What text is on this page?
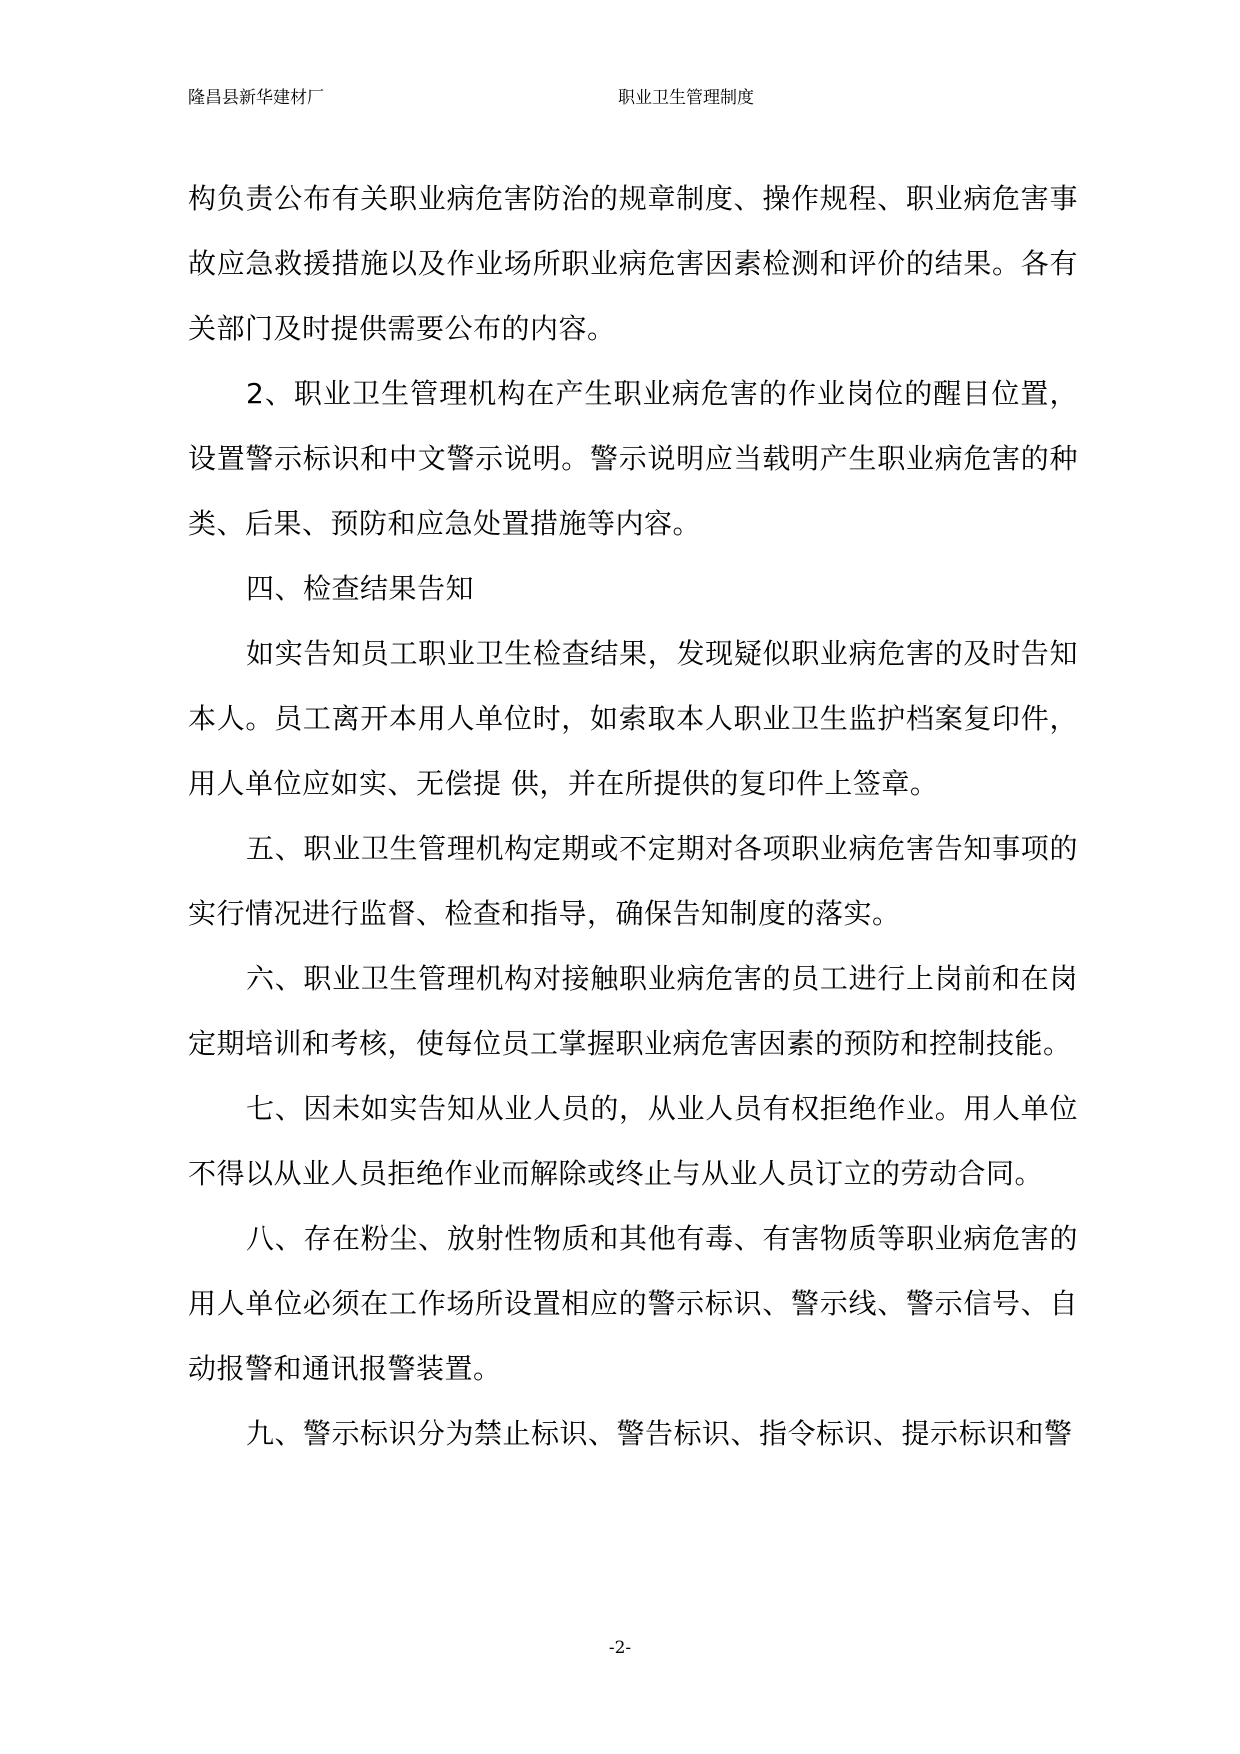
隆昌县新华建材厂	职业卫生管理制度

构负责公布有关职业病危害防治的规章制度、操作规程、职业病危害事故应急救援措施以及作业场所职业病危害因素检测和评价的结果。各有关部门及时提供需要公布的内容。

2、职业卫生管理机构在产生职业病危害的作业岗位的醒目位置，设置警示标识和中文警示说明。警示说明应当载明产生职业病危害的种类、后果、预防和应急处置措施等内容。

四、检查结果告知

如实告知员工职业卫生检查结果，发现疑似职业病危害的及时告知本人。员工离开本用人单位时，如索取本人职业卫生监护档案复印件，用人单位应如实、无偿提 供，并在所提供的复印件上签章。

五、职业卫生管理机构定期或不定期对各项职业病危害告知事项的实行情况进行监督、检查和指导，确保告知制度的落实。

六、职业卫生管理机构对接触职业病危害的员工进行上岗前和在岗定期培训和考核，使每位员工掌握职业病危害因素的预防和控制技能。

七、因未如实告知从业人员的，从业人员有权拒绝作业。用人单位不得以从业人员拒绝作业而解除或终止与从业人员订立的劳动合同。

八、存在粉尘、放射性物质和其他有毒、有害物质等职业病危害的用人单位必须在工作场所设置相应的警示标识、警示线、警示信号、自动报警和通讯报警装置。

九、警示标识分为禁止标识、警告标识、指令标识、提示标识和警

-2-
